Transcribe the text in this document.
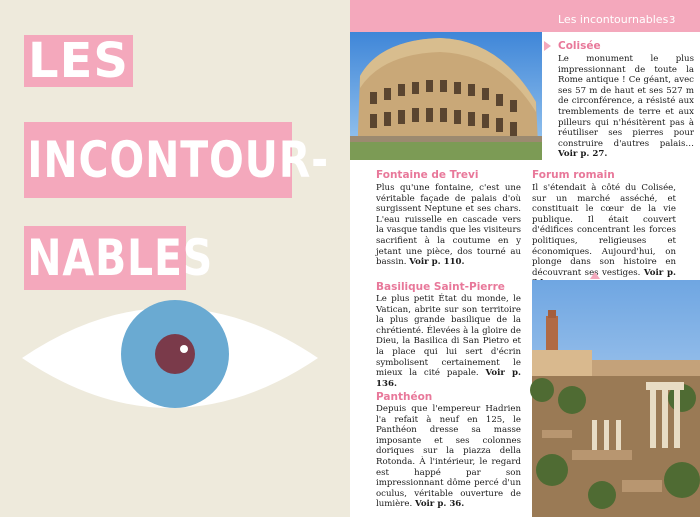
LES
INCONTOUR-
NABLES
Les incontournables 3
Colisée
Le monument le plus impressionnant de toute la Rome antique ! Ce géant, avec ses 57 m de haut et ses 527 m de circonférence, a résisté aux tremblements de terre et aux pilleurs qui n'hésitèrent pas à réutiliser ses pierres pour construire d'autres palais… Voir p. 27.
Fontaine de Trevi
Plus qu'une fontaine, c'est une véritable façade de palais d'où surgissent Neptune et ses chars. L'eau ruisselle en cascade vers la vasque tandis que les visiteurs sacrifient à la coutume en y jetant une pièce, dos tourné au bassin. Voir p. 110.
Forum romain
Il s'étendait à côté du Colisée, sur un marché asséché, et constituait le cœur de la vie publique. Il était couvert d'édifices concentrant les forces politiques, religieuses et économiques. Aujourd'hui, on plonge dans son histoire en découvrant ses vestiges. Voir p.
Basilique Saint-Pierre
Le plus petit État du monde, le Vatican, abrite sur son territoire la plus grande basilique de la chrétienté. Élevées à la gloire de Dieu, la Basilica di San Pietro et la place qui lui sert d'écrin symbolisent certainement le mieux la cité papale. Voir p. 136.
Panthéon
Depuis que l'empereur Hadrien l'a refait à neuf en 125, le Panthéon dresse sa masse imposante et ses colonnes doriques sur la piazza della Rotonda. À l'intérieur, le regard est happé par son impressionnant dôme percé d'un oculus, véritable ouverture de lumière. Voir p. 36.
